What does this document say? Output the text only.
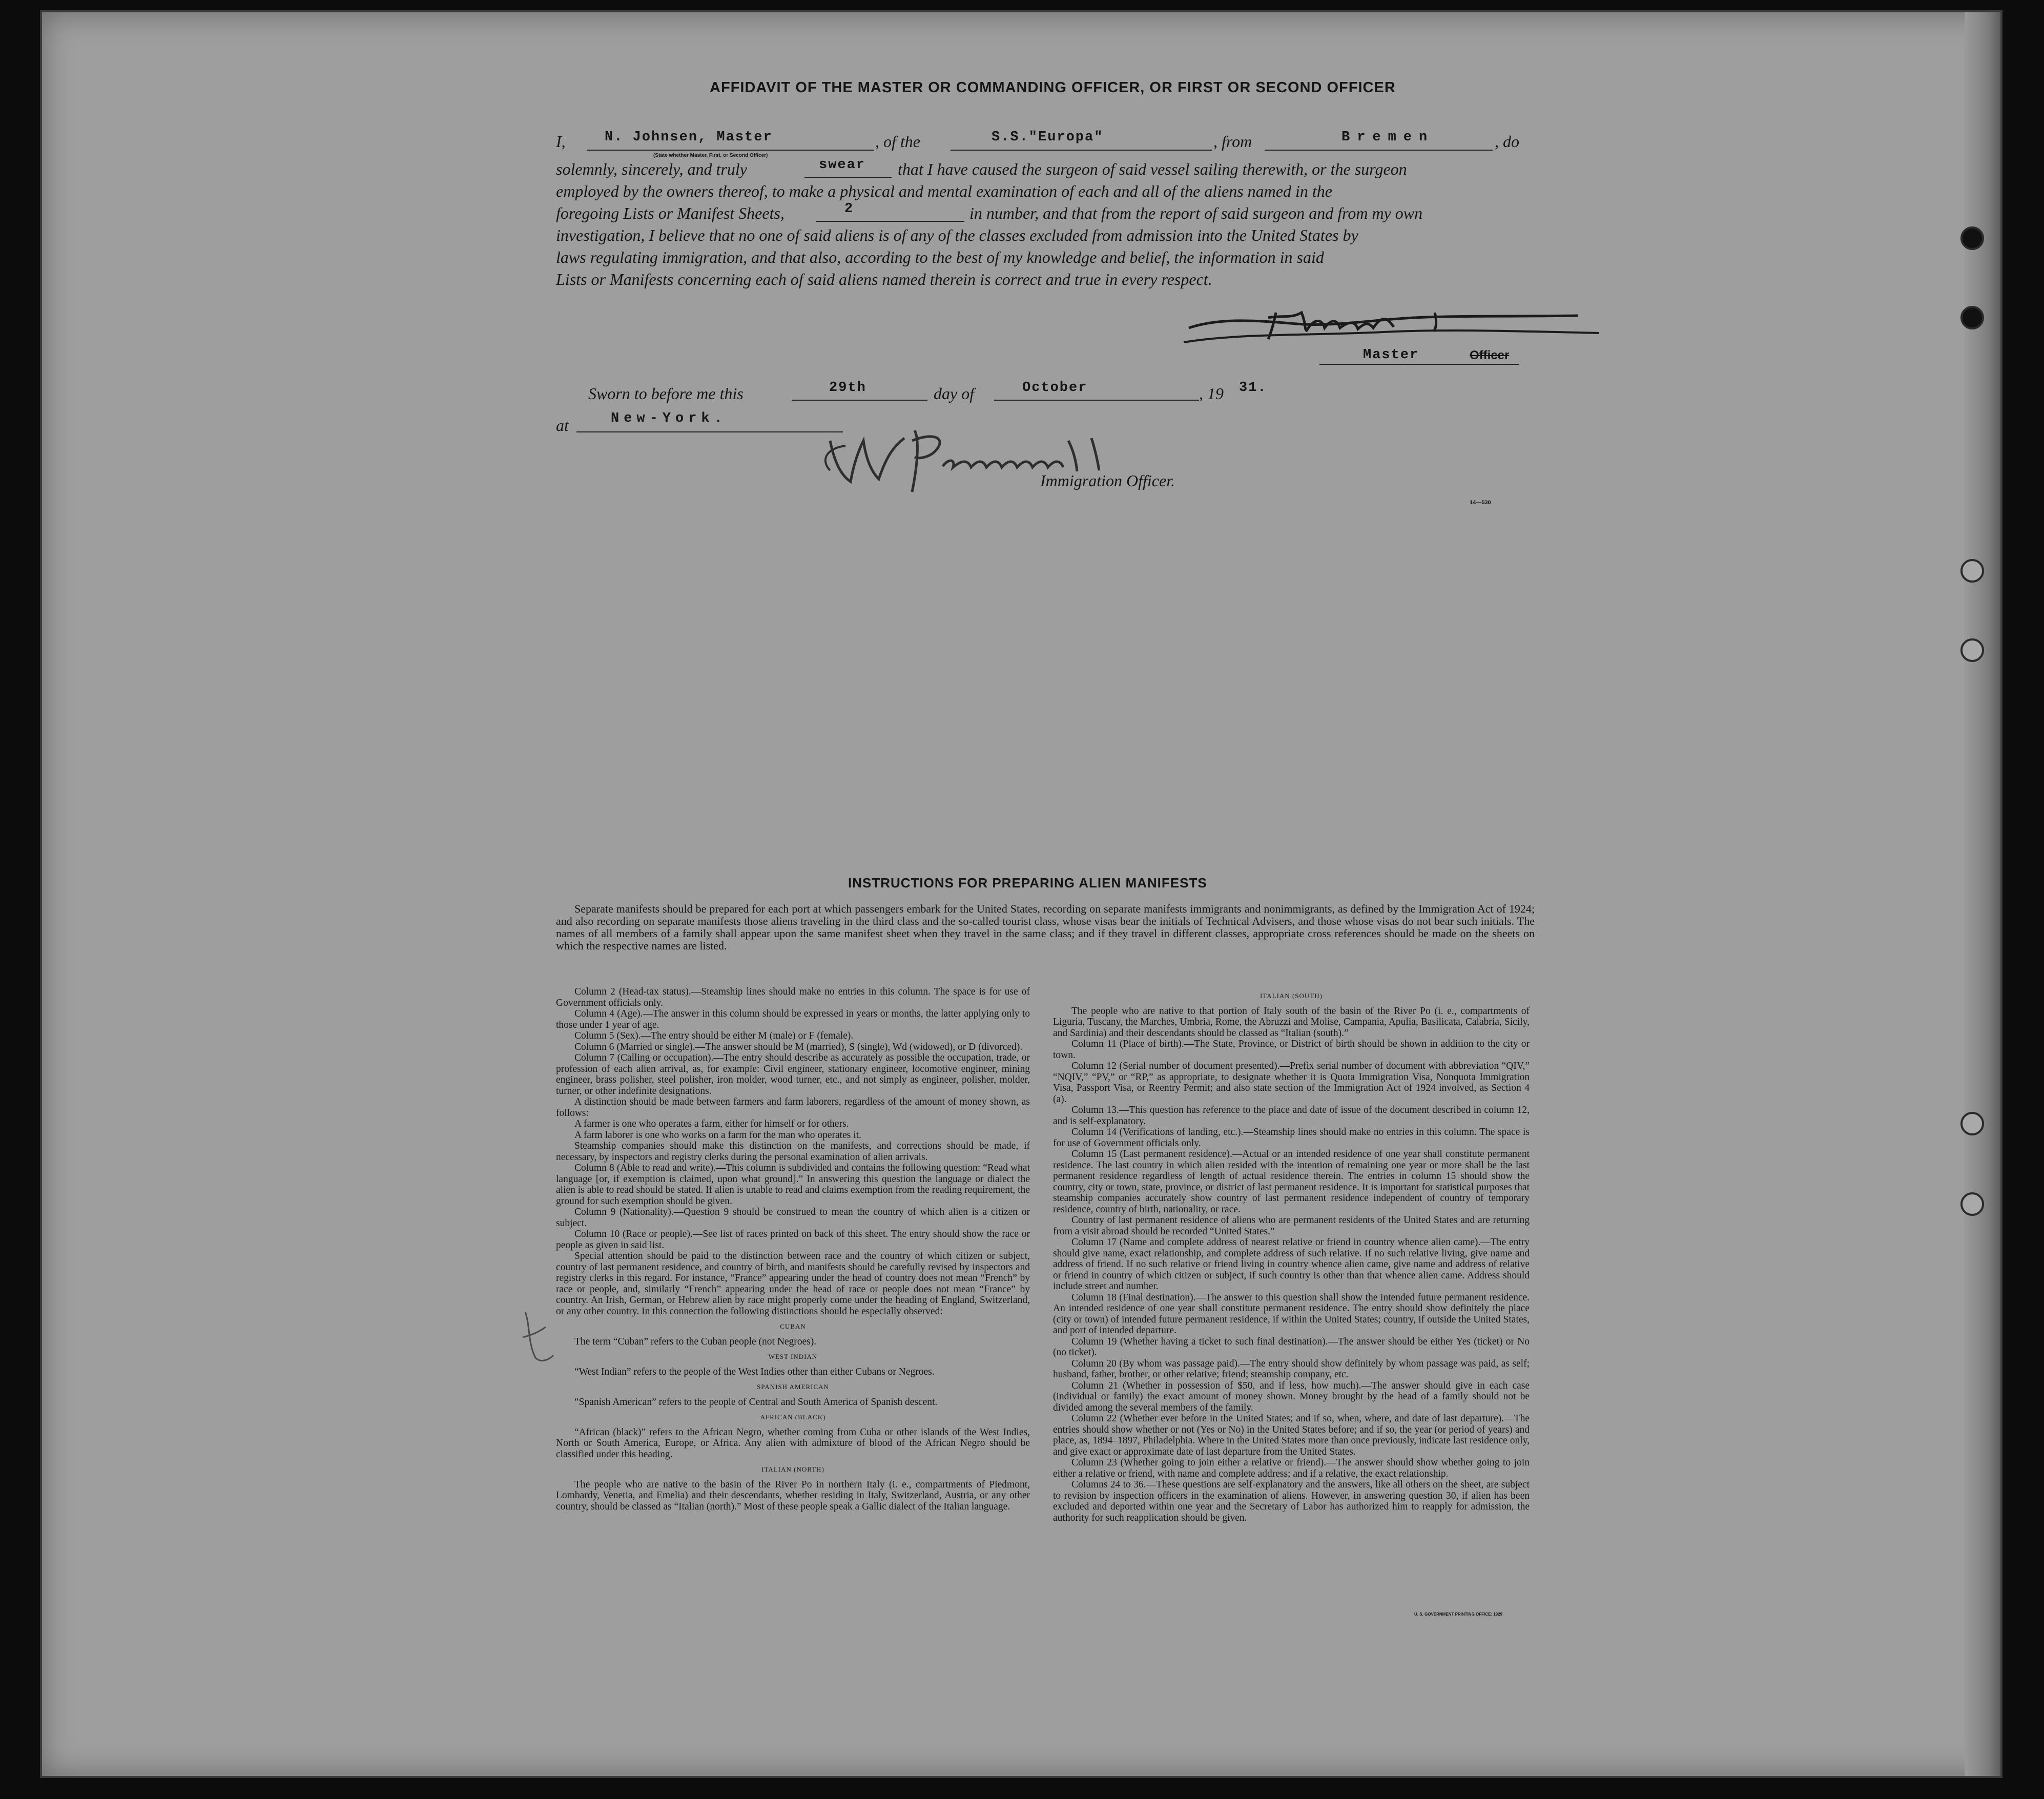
AFFIDAVIT OF THE MASTER OR COMMANDING OFFICER, OR FIRST OR SECOND OFFICER
I,	N. Johnsen, Master
(State whether Master, First, or Second Officer)
, of the	S.S."Europa"	, from	Bremen	, do
solemnly, sincerely, and truly	swear that I have caused the surgeon of said vessel sailing therewith, or the surgeon
employed by the owners thereof, to make a physical and mental examination of each and all of the aliens named in the
foregoing Lists or Manifest Sheets,	2	in number, and that from the report of said surgeon and from my own
investigation, I believe that no one of said aliens is of any of the classes excluded from admission into the United States by
laws regulating immigration, and that also, according to the best of my knowledge and belief, the information in said
Lists or Manifests concerning each of said aliens named therein is correct and true in every respect.
Master	Officer
Sworn to before me this	29th	day of	October	, 19 31.
at	New-York.
Immigration Officer.
14—530
INSTRUCTIONS FOR PREPARING ALIEN MANIFESTS
Separate manifests should be prepared for each port at which passengers embark for the United States, recording on separate manifests immigrants and nonimmigrants, as defined by the Immigration Act of 1924; and also recording on separate manifests those aliens traveling in the third class and the so-called tourist class, whose visas bear the initials of Technical Advisers, and those whose visas do not bear such initials. The names of all members of a family shall appear upon the same manifest sheet when they travel in the same class; and if they travel in different classes, appropriate cross references should be made on the sheets on which the respective names are listed.

Column 2 (Head-tax status).—Steamship lines should make no entries in this column. The space is for use of Government officials only.

Column 4 (Age).—The answer in this column should be expressed in years or months, the latter applying only to those under 1 year of age.

Column 5 (Sex).—The entry should be either M (male) or F (female).

Column 6 (Married or single).—The answer should be M (married), S (single), Wd (widowed), or D (divorced).

Column 7 (Calling or occupation).—The entry should describe as accurately as possible the occupation, trade, or profession of each alien arrival, as, for example: Civil engineer, stationary engineer, locomotive engineer, mining engineer, brass polisher, steel polisher, iron molder, wood turner, etc., and not simply as engineer, polisher, molder, turner, or other indefinite designations.

A distinction should be made between farmers and farm laborers, regardless of the amount of money shown, as follows:

A farmer is one who operates a farm, either for himself or for others.

A farm laborer is one who works on a farm for the man who operates it.

Steamship companies should make this distinction on the manifests, and corrections should be made, if necessary, by inspectors and registry clerks during the personal examination of alien arrivals.

Column 8 (Able to read and write).—This column is subdivided and contains the following question: “Read what language [or, if exemption is claimed, upon what ground].” In answering this question the language or dialect the alien is able to read should be stated. If alien is unable to read and claims exemption from the reading requirement, the ground for such exemption should be given.

Column 9 (Nationality).—Question 9 should be construed to mean the country of which alien is a citizen or subject.

Column 10 (Race or people).—See list of races printed on back of this sheet. The entry should show the race or people as given in said list.

Special attention should be paid to the distinction between race and the country of which citizen or subject, country of last permanent residence, and country of birth, and manifests should be carefully revised by inspectors and registry clerks in this regard. For instance, “France” appearing under the head of country does not mean “French” by race or people, and, similarly “French” appearing under the head of race or people does not mean “France” by country. An Irish, German, or Hebrew alien by race might properly come under the heading of England, Switzerland, or any other country. In this connection the following distinctions should be especially observed:

CUBAN

The term “Cuban” refers to the Cuban people (not Negroes).

WEST INDIAN

“West Indian” refers to the people of the West Indies other than either Cubans or Negroes.

SPANISH AMERICAN

“Spanish American” refers to the people of Central and South America of Spanish descent.

AFRICAN (BLACK)

“African (black)” refers to the African Negro, whether coming from Cuba or other islands of the West Indies, North or South America, Europe, or Africa. Any alien with admixture of blood of the African Negro should be classified under this heading.

ITALIAN (NORTH)

The people who are native to the basin of the River Po in northern Italy (i. e., compartments of Piedmont, Lombardy, Venetia, and Emelia) and their descendants, whether residing in Italy, Switzerland, Austria, or any other country, should be classed as “Italian (north).” Most of these people speak a Gallic dialect of the Italian language.

ITALIAN (SOUTH)

The people who are native to that portion of Italy south of the basin of the River Po (i. e., compartments of Liguria, Tuscany, the Marches, Umbria, Rome, the Abruzzi and Molise, Campania, Apulia, Basilicata, Calabria, Sicily, and Sardinia) and their descendants should be classed as “Italian (south).”

Column 11 (Place of birth).—The State, Province, or District of birth should be shown in addition to the city or town.

Column 12 (Serial number of document presented).—Prefix serial number of document with abbreviation “QIV,” “NQIV,” “PV,” or “RP,” as appropriate, to designate whether it is Quota Immigration Visa, Nonquota Immigration Visa, Passport Visa, or Reentry Permit; and also state section of the Immigration Act of 1924 involved, as Section 4 (a).

Column 13.—This question has reference to the place and date of issue of the document described in column 12, and is self-explanatory.

Column 14 (Verifications of landing, etc.).—Steamship lines should make no entries in this column. The space is for use of Government officials only.

Column 15 (Last permanent residence).—Actual or an intended residence of one year shall constitute permanent residence. The last country in which alien resided with the intention of remaining one year or more shall be the last permanent residence regardless of length of actual residence therein. The entries in column 15 should show the country, city or town, state, province, or district of last permanent residence. It is important for statistical purposes that steamship companies accurately show country of last permanent residence independent of country of temporary residence, country of birth, nationality, or race.

Country of last permanent residence of aliens who are permanent residents of the United States and are returning from a visit abroad should be recorded “United States.”

Column 17 (Name and complete address of nearest relative or friend in country whence alien came).—The entry should give name, exact relationship, and complete address of such relative. If no such relative living, give name and address of friend. If no such relative or friend living in country whence alien came, give name and address of relative or friend in country of which citizen or subject, if such country is other than that whence alien came. Address should include street and number.

Column 18 (Final destination).—The answer to this question shall show the intended future permanent residence. An intended residence of one year shall constitute permanent residence. The entry should show definitely the place (city or town) of intended future permanent residence, if within the United States; country, if outside the United States, and port of intended departure.

Column 19 (Whether having a ticket to such final destination).—The answer should be either Yes (ticket) or No (no ticket).

Column 20 (By whom was passage paid).—The entry should show definitely by whom passage was paid, as self; husband, father, brother, or other relative; friend; steamship company, etc.

Column 21 (Whether in possession of $50, and if less, how much).—The answer should give in each case (individual or family) the exact amount of money shown. Money brought by the head of a family should not be divided among the several members of the family.

Column 22 (Whether ever before in the United States; and if so, when, where, and date of last departure).—The entries should show whether or not (Yes or No) in the United States before; and if so, the year (or period of years) and place, as, 1894–1897, Philadelphia. Where in the United States more than once previously, indicate last residence only, and give exact or approximate date of last departure from the United States.

Column 23 (Whether going to join either a relative or friend).—The answer should show whether going to join either a relative or friend, with name and complete address; and if a relative, the exact relationship.

Columns 24 to 36.—These questions are self-explanatory and the answers, like all others on the sheet, are subject to revision by inspection officers in the examination of aliens. However, in answering question 30, if alien has been excluded and deported within one year and the Secretary of Labor has authorized him to reapply for admission, the authority for such reapplication should be given.

U. S. GOVERNMENT PRINTING OFFICE: 1929
